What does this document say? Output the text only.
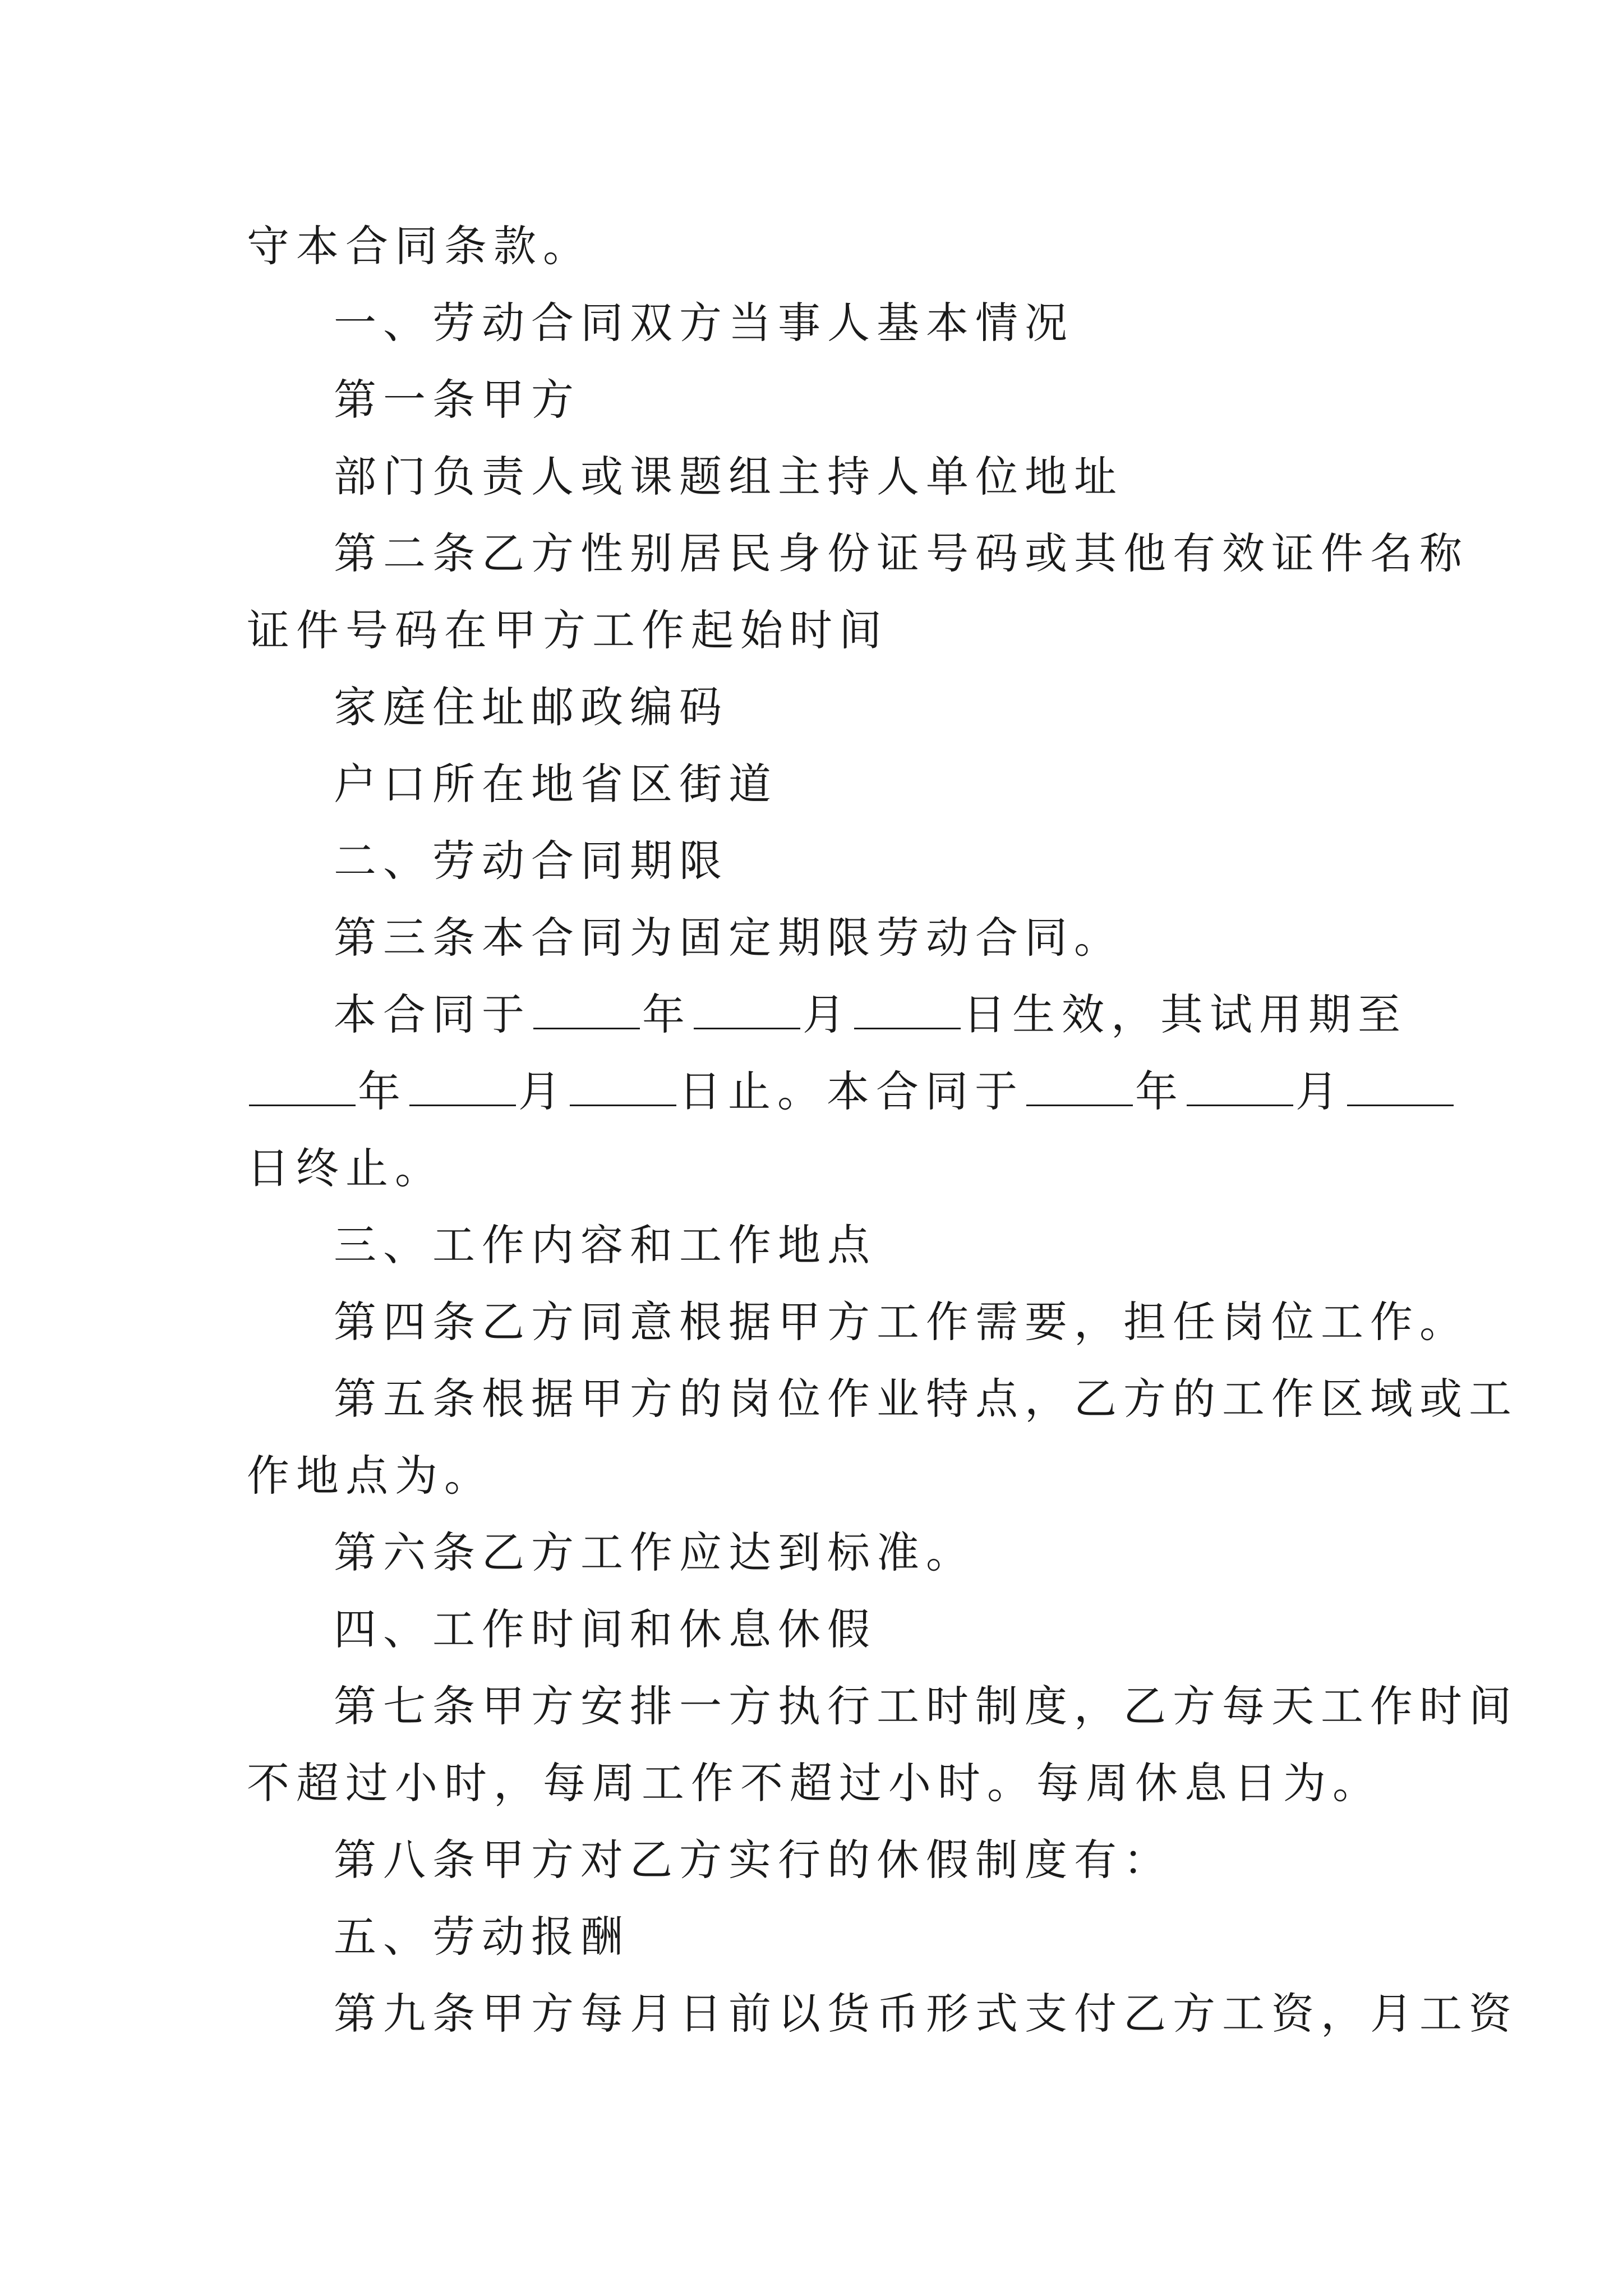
守本合同条款。
一、劳动合同双方当事人基本情况
第一条甲方
部门负责人或课题组主持人单位地址
第二条乙方性别居民身份证号码或其他有效证件名称
证件号码在甲方工作起始时间
家庭住址邮政编码
户口所在地省区街道
二、劳动合同期限
第三条本合同为固定期限劳动合同。
本合同于	年	月	日生效，其试用期至
年	月	日止。本合同于	年	月
日终止。
三、工作内容和工作地点
第四条乙方同意根据甲方工作需要，担任岗位工作。
第五条根据甲方的岗位作业特点，乙方的工作区域或工
作地点为。
第六条乙方工作应达到标准。
四、工作时间和休息休假
第七条甲方安排一方执行工时制度，乙方每天工作时间
不超过小时，每周工作不超过小时。每周休息日为。
第八条甲方对乙方实行的休假制度有：
五、劳动报酬
第九条甲方每月日前以货币形式支付乙方工资，月工资
